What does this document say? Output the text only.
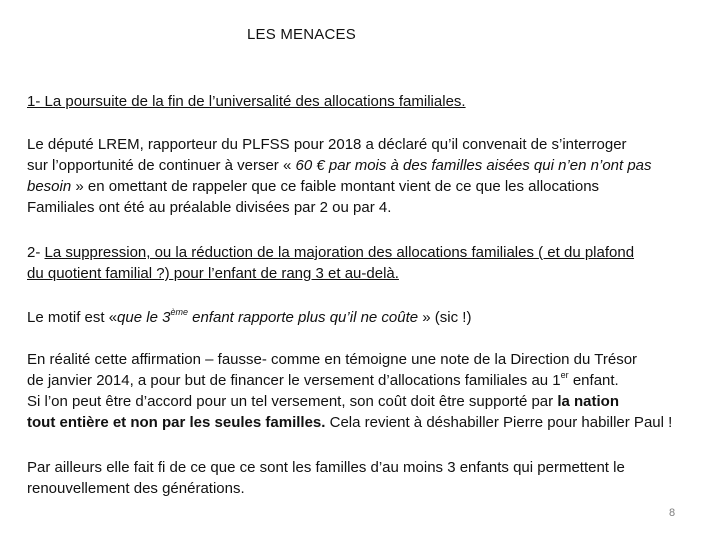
LES MENACES
1- La poursuite de la fin de l’universalité des allocations familiales.
Le député LREM, rapporteur du PLFSS pour 2018 a déclaré qu’il convenait de s’interroger
sur l’opportunité de continuer à verser « 60 € par mois à des familles aisées qui n’en n’ont pas
besoin » en omettant de rappeler que ce faible montant vient de ce que les allocations
Familiales ont été au préalable divisées par 2 ou par 4.
2- La suppression, ou la réduction de la majoration des allocations familiales ( et du plafond
du quotient familial ?) pour l’enfant de rang 3 et au-delà.
Le motif est «que le 3ème enfant rapporte plus qu’il ne coûte » (sic !)
En réalité cette affirmation – fausse- comme en témoigne une note de la Direction du Trésor
de janvier 2014, a pour but de financer le versement d’allocations familiales au 1er enfant.
Si l’on peut être d’accord pour un tel versement, son coût doit être supporté par la nation
tout entière et non par les seules familles. Cela revient à déshabiller Pierre pour habiller Paul !
Par ailleurs elle fait fi de ce que ce sont les familles d’au moins 3 enfants qui permettent le
renouvellement des générations.
8
